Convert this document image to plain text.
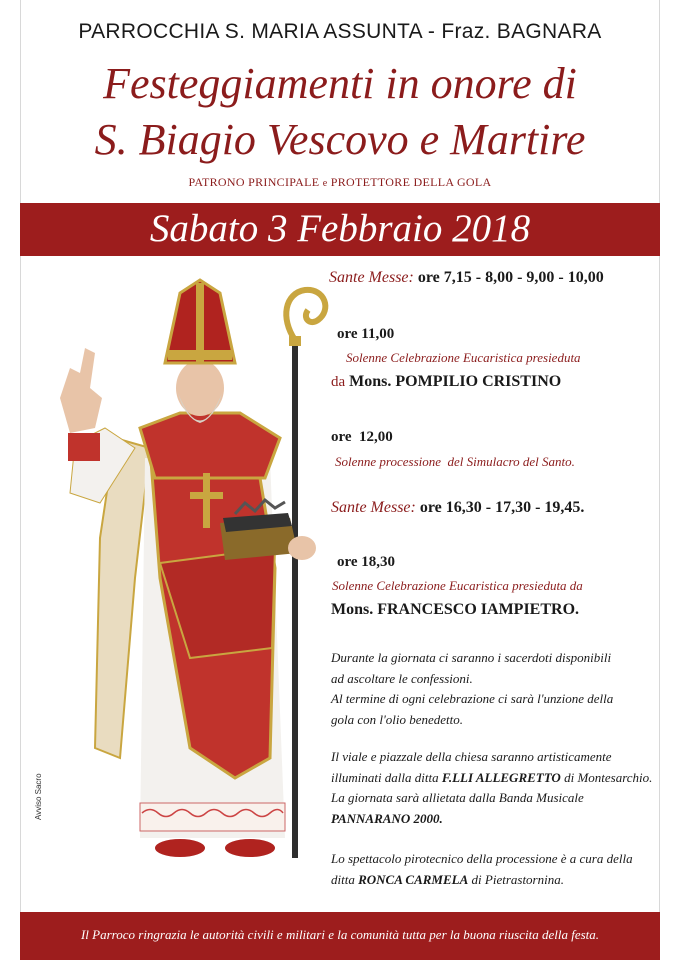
PARROCCHIA S. MARIA ASSUNTA - Fraz. BAGNARA
Festeggiamenti in onore di
S. Biagio Vescovo e Martire
PATRONO PRINCIPALE e PROTETTORE DELLA GOLA
Sabato 3 Febbraio 2018
Avviso Sacro
Sante Messe: ore 7,15 - 8,00 - 9,00 - 10,00
ore 11,00
Solenne Celebrazione Eucaristica presieduta
da Mons. POMPILIO CRISTINO
ore  12,00
Solenne processione  del Simulacro del Santo.
Sante Messe: ore 16,30 - 17,30 - 19,45.
ore 18,30
Solenne Celebrazione Eucaristica presieduta da
Mons. FRANCESCO IAMPIETRO.
Durante la giornata ci saranno i sacerdoti disponibili
ad ascoltare le confessioni.
Al termine di ogni celebrazione ci sarà l'unzione della
gola con l'olio benedetto.
Il viale e piazzale della chiesa saranno artisticamente
illuminati dalla ditta F.LLI ALLEGRETTO di Montesarchio.
La giornata sarà allietata dalla Banda Musicale
PANNARANO 2000.
Lo spettacolo pirotecnico della processione è a cura della
ditta RONCA CARMELA di Pietrastornina.
Il Parroco ringrazia le autorità civili e militari e la comunità tutta per la buona riuscita della festa.
